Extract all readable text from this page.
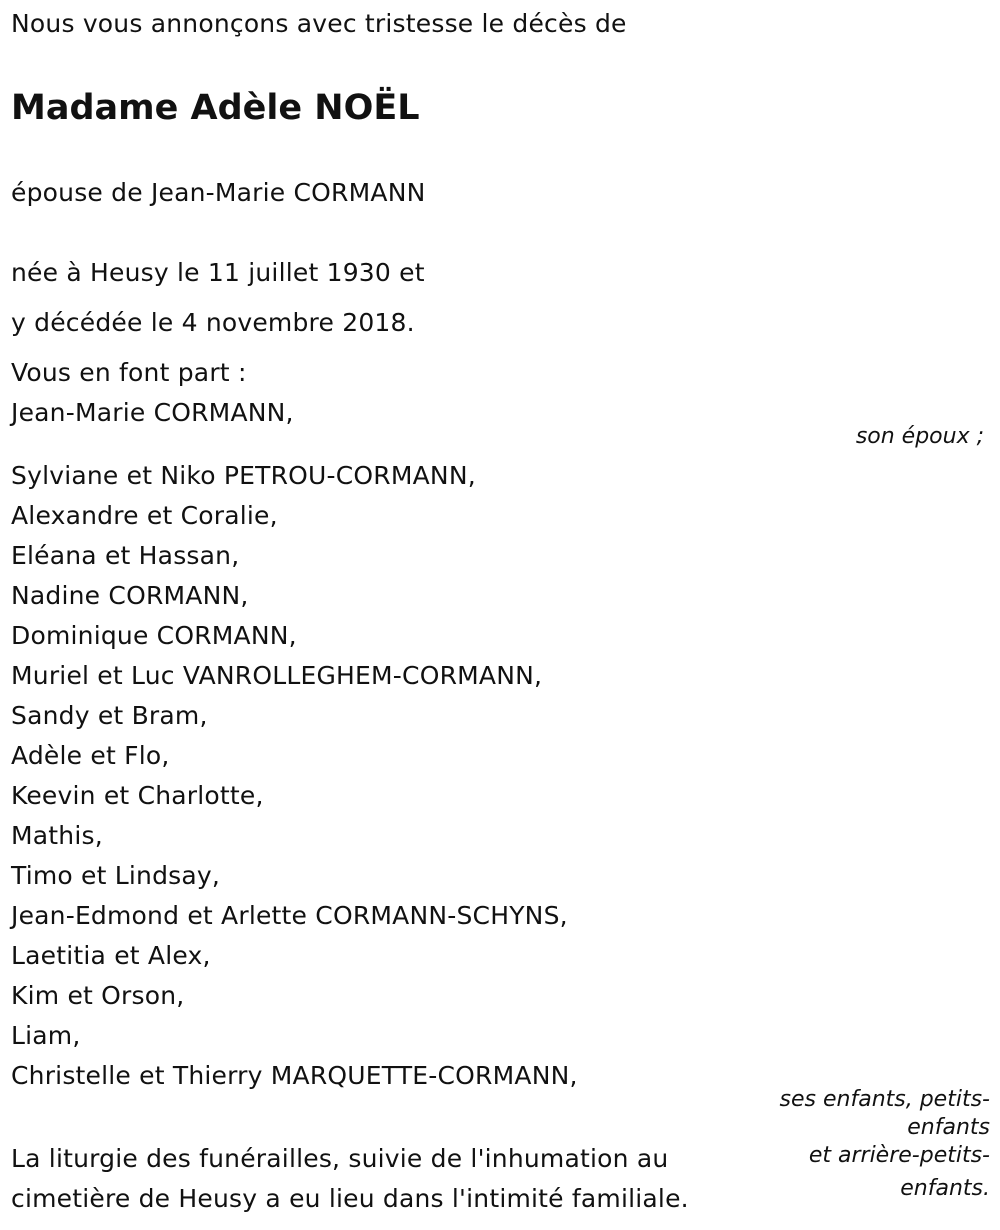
Nous vous annonçons avec tristesse le décès de
Madame Adèle NOËL
épouse de Jean-Marie CORMANN
née à Heusy le 11 juillet 1930 et
y décédée le 4 novembre 2018.
Vous en font part :
Jean-Marie CORMANN,
son époux ;
Sylviane et Niko PETROU-CORMANN,
Alexandre et Coralie,
Eléana et Hassan,
Nadine CORMANN,
Dominique CORMANN,
Muriel et Luc VANROLLEGHEM-CORMANN,
Sandy et Bram,
Adèle et Flo,
Keevin et Charlotte,
Mathis,
Timo et Lindsay,
Jean-Edmond et Arlette CORMANN-SCHYNS,
Laetitia et Alex,
Kim et Orson,
Liam,
Christelle et Thierry MARQUETTE-CORMANN,
ses enfants, petits-
enfants
et arrière-petits-
enfants.
La liturgie des funérailles, suivie de l'inhumation au
cimetière de Heusy a eu lieu dans l'intimité familiale.
